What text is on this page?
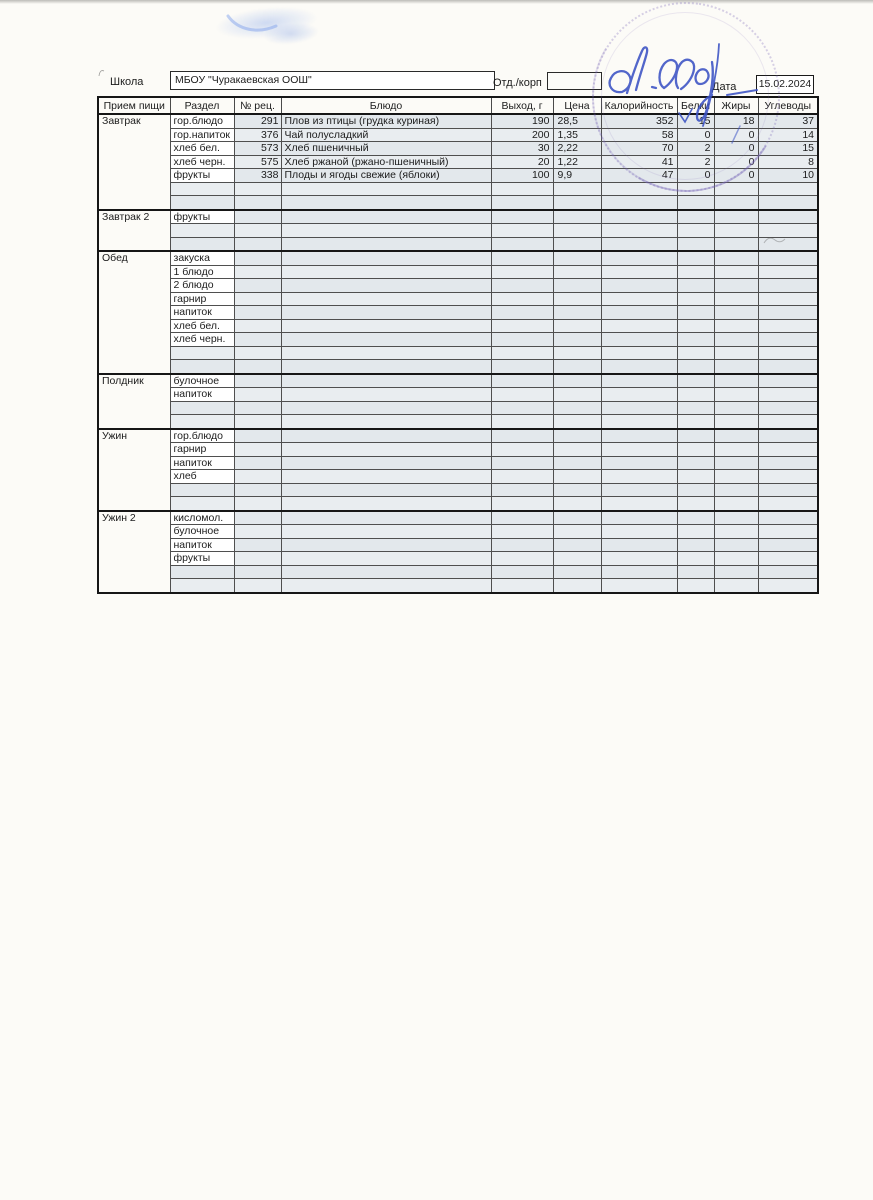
Школа	МБОУ "Чуракаевская ООШ"	Отд./корп	Дата 15.02.2024
Прием пищи	Раздел	№ рец.	Блюдо	Выход, г	Цена	Калорийность	Белки	Жиры	Углеводы
Завтрак	гор.блюдо	291	Плов из птицы (грудка куриная)	190	28,5	352	15	18	37
	гор.напиток	376	Чай полусладкий	200	1,35	58	0	0	14
	хлеб бел.	573	Хлеб пшеничный	30	2,22	70	2	0	15
	хлеб черн.	575	Хлеб ржаной (ржано-пшеничный)	20	1,22	41	2	0	8
	фрукты	338	Плоды и ягоды свежие (яблоки)	100	9,9	47	0	0	10

Завтрак 2	фрукты								

Обед	закуска								
	1 блюдо								
	2 блюдо								
	гарнир								
	напиток								
	хлеб бел.								
	хлеб черн.								

Полдник	булочное								
	напиток								

Ужин	гор.блюдо								
	гарнир								
	напиток								
	хлеб								

Ужин 2	кисломол.								
	булочное								
	напиток								
	фрукты								
